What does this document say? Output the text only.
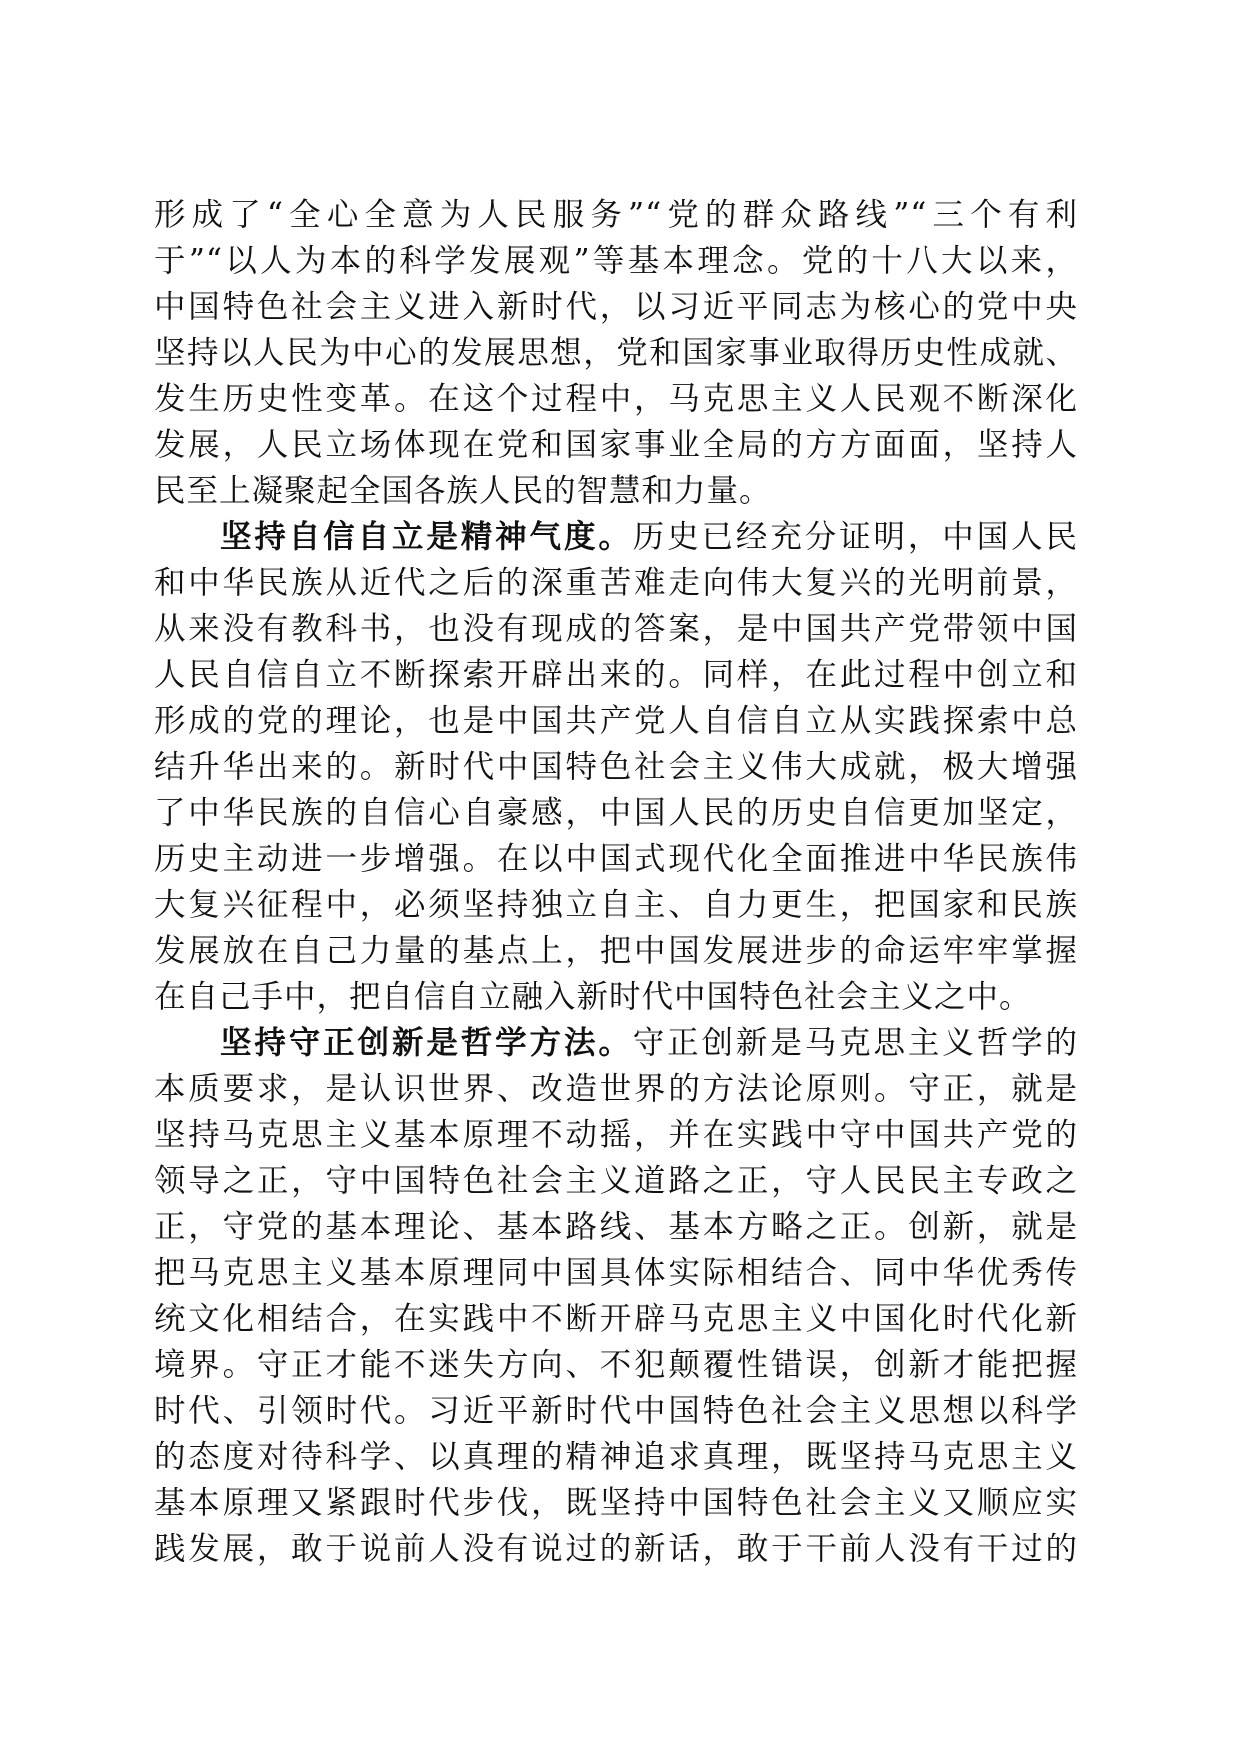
形成了“全心全意为人民服务”“党的群众路线”“三个有利
于”“以人为本的科学发展观”等基本理念。党的十八大以来，
中国特色社会主义进入新时代，以习近平同志为核心的党中央
坚持以人民为中心的发展思想，党和国家事业取得历史性成就、
发生历史性变革。在这个过程中，马克思主义人民观不断深化
发展，人民立场体现在党和国家事业全局的方方面面，坚持人
民至上凝聚起全国各族人民的智慧和力量。
坚持自信自立是精神气度。历史已经充分证明，中国人民
和中华民族从近代之后的深重苦难走向伟大复兴的光明前景，
从来没有教科书，也没有现成的答案，是中国共产党带领中国
人民自信自立不断探索开辟出来的。同样，在此过程中创立和
形成的党的理论，也是中国共产党人自信自立从实践探索中总
结升华出来的。新时代中国特色社会主义伟大成就，极大增强
了中华民族的自信心自豪感，中国人民的历史自信更加坚定，
历史主动进一步增强。在以中国式现代化全面推进中华民族伟
大复兴征程中，必须坚持独立自主、自力更生，把国家和民族
发展放在自己力量的基点上，把中国发展进步的命运牢牢掌握
在自己手中，把自信自立融入新时代中国特色社会主义之中。
坚持守正创新是哲学方法。守正创新是马克思主义哲学的
本质要求，是认识世界、改造世界的方法论原则。守正，就是
坚持马克思主义基本原理不动摇，并在实践中守中国共产党的
领导之正，守中国特色社会主义道路之正，守人民民主专政之
正，守党的基本理论、基本路线、基本方略之正。创新，就是
把马克思主义基本原理同中国具体实际相结合、同中华优秀传
统文化相结合，在实践中不断开辟马克思主义中国化时代化新
境界。守正才能不迷失方向、不犯颠覆性错误，创新才能把握
时代、引领时代。习近平新时代中国特色社会主义思想以科学
的态度对待科学、以真理的精神追求真理，既坚持马克思主义
基本原理又紧跟时代步伐，既坚持中国特色社会主义又顺应实
践发展，敢于说前人没有说过的新话，敢于干前人没有干过的
